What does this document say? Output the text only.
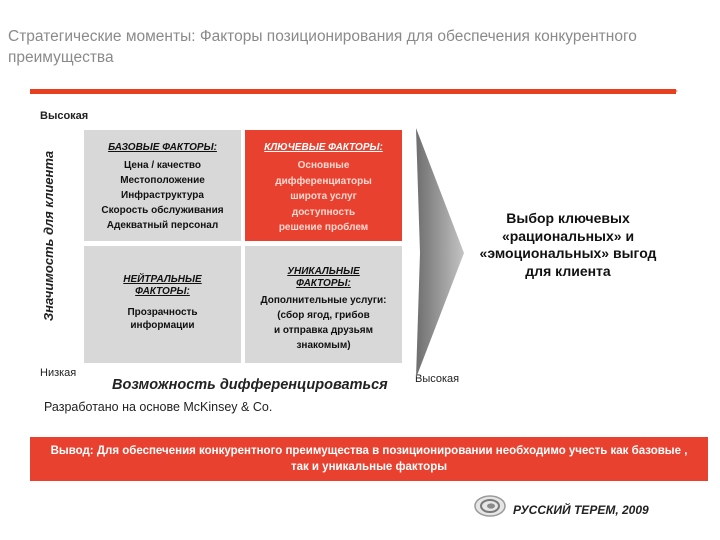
Стратегические моменты: Факторы позиционирования для обеспечения конкурентного преимущества
Высокая
Значимость для клиента
Низкая
БАЗОВЫЕ ФАКТОРЫ:
Цена / качество
Местоположение
Инфраструктура
Скорость обслуживания
Адекватный персонал
КЛЮЧЕВЫЕ ФАКТОРЫ:
Основные
дифференциаторы
широта услуг
доступность
решение проблем
НЕЙТРАЛЬНЫЕ ФАКТОРЫ:
Прозрачность
информации
УНИКАЛЬНЫЕ ФАКТОРЫ:
Дополнительные услуги:
(сбор ягод, грибов
и отправка друзьям
знакомым)
Возможность дифференцироваться Высокая
Выбор ключевых
«рациональных» и
«эмоциональных» выгод
для клиента
Разработано на основе McKinsey & Co.
Вывод: Для обеспечения конкурентного преимущества в позиционировании необходимо учесть как базовые , так и уникальные факторы
РУССКИЙ ТЕРЕМ, 2009
